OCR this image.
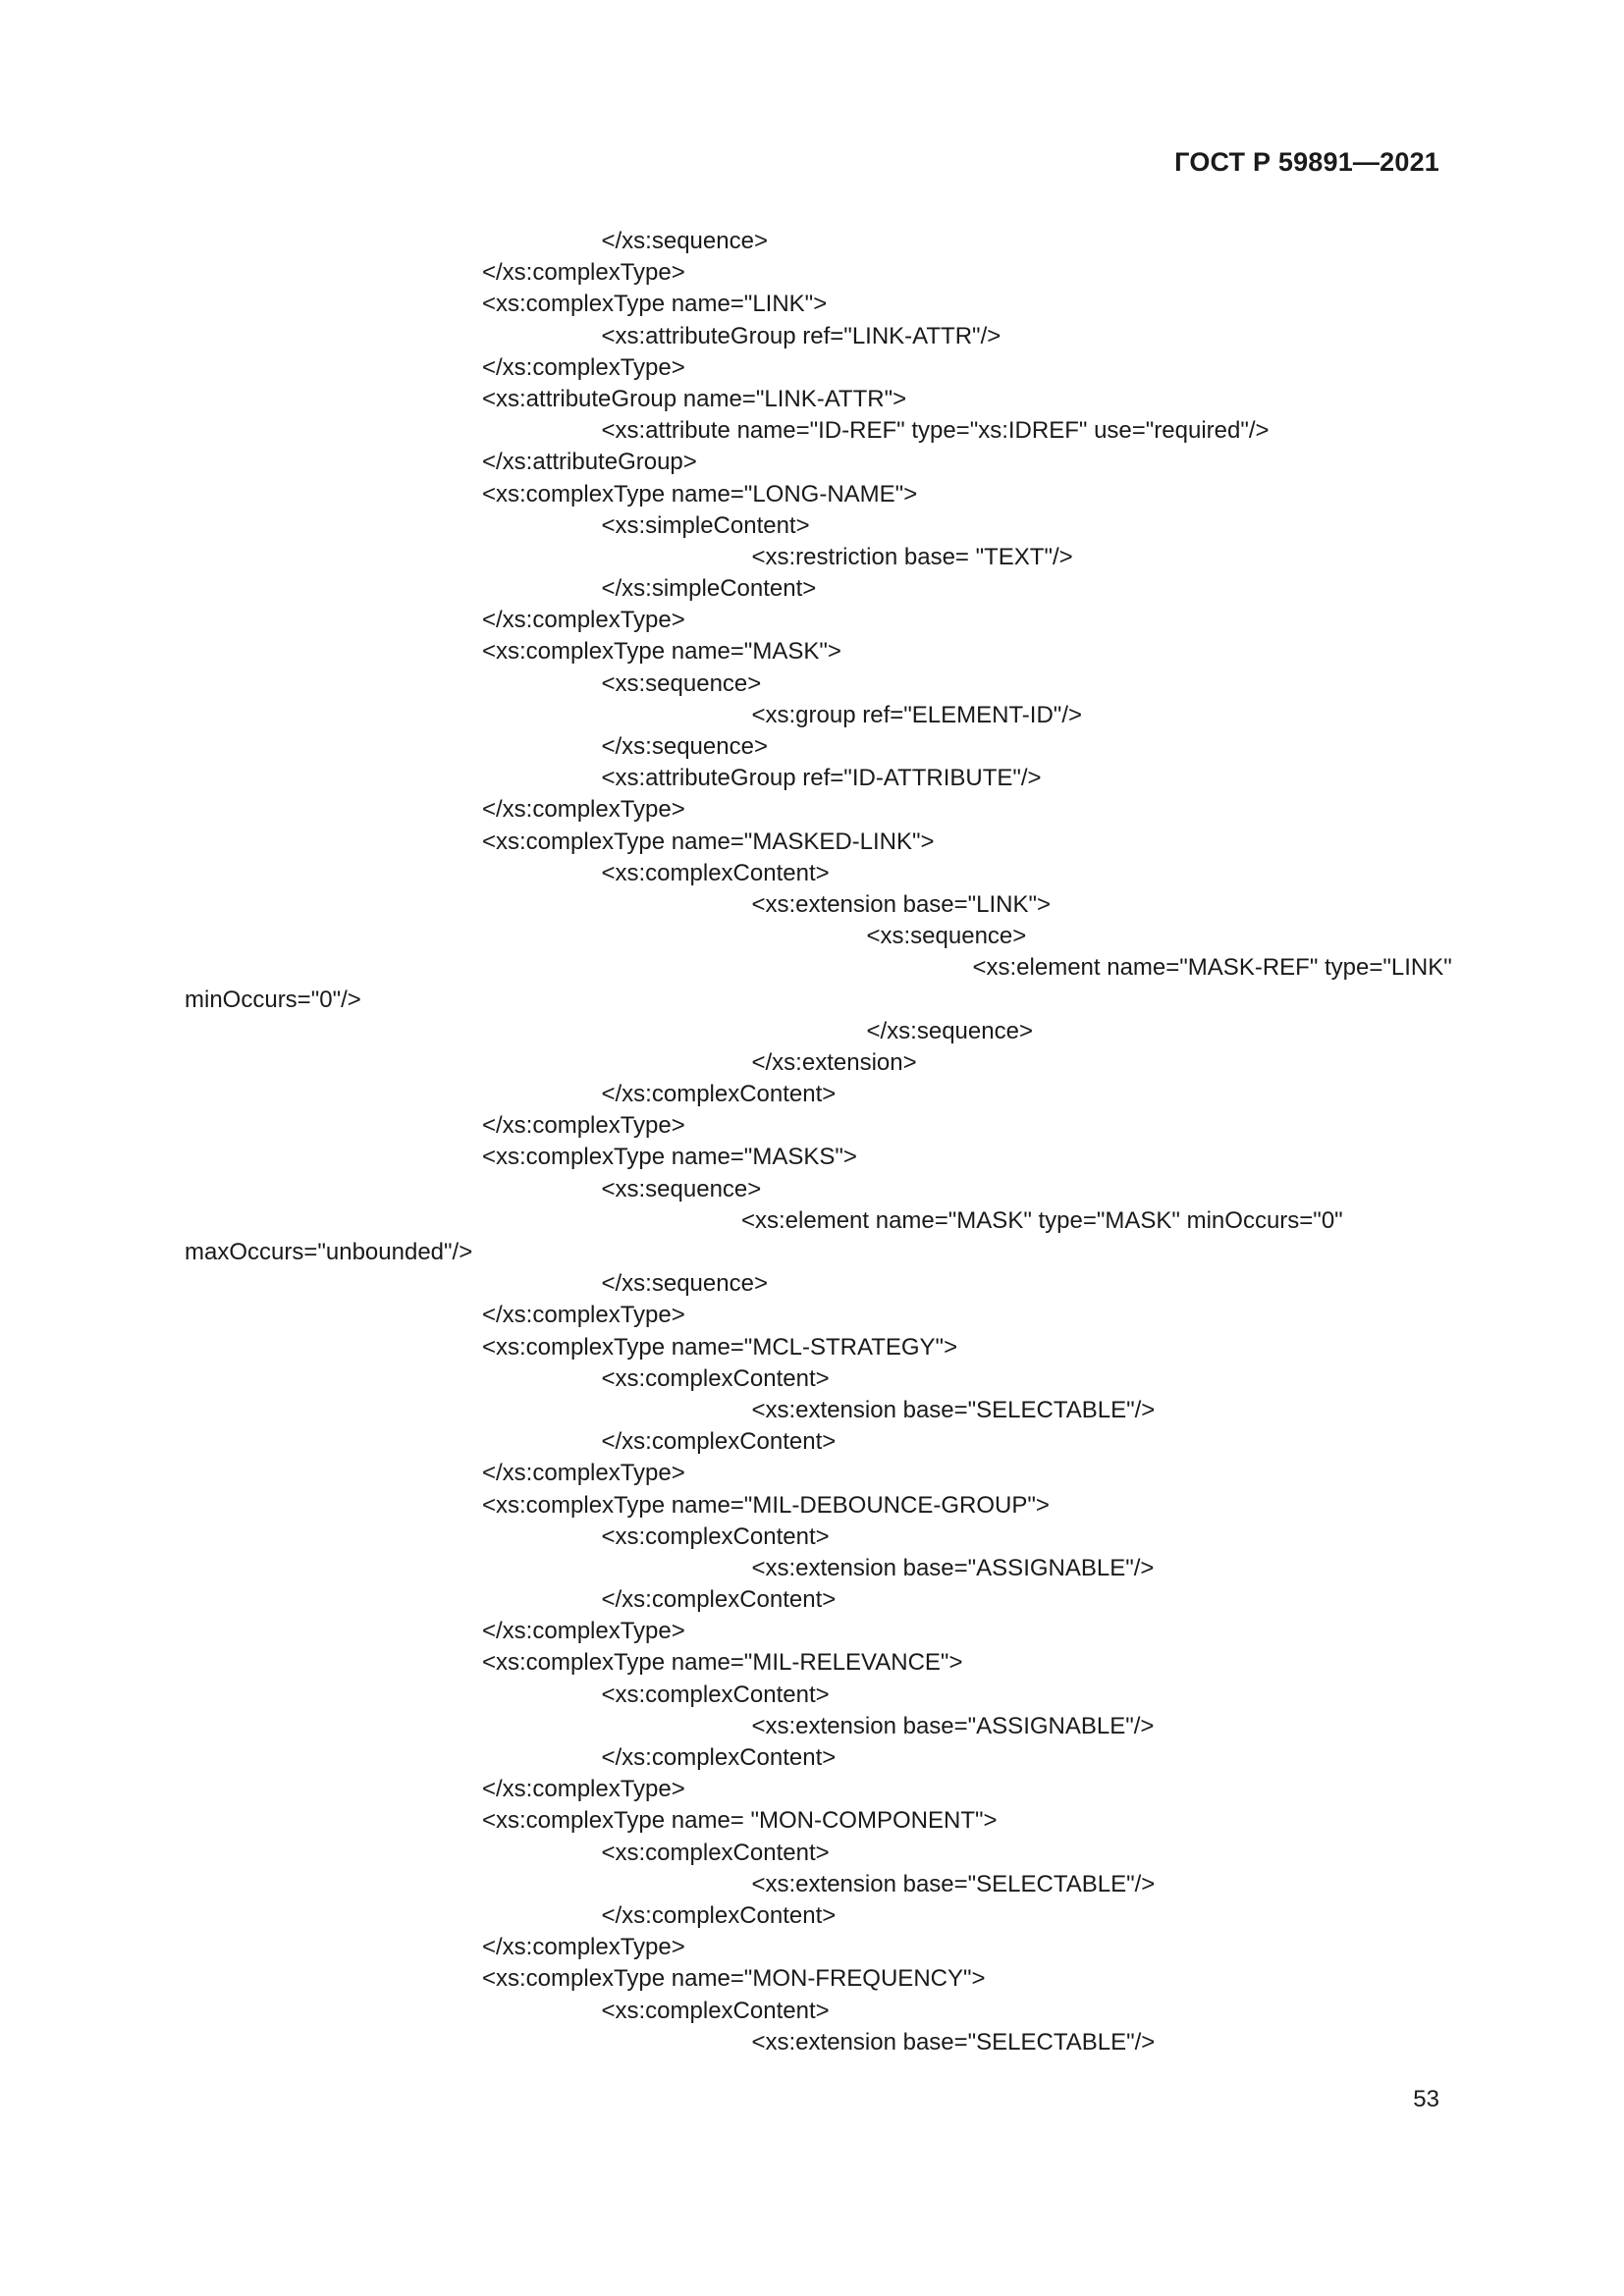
ГОСТ Р 59891—2021
</xs:sequence>
</xs:complexType>
<xs:complexType name="LINK">
<xs:attributeGroup ref="LINK-ATTR"/>
</xs:complexType>
<xs:attributeGroup name="LINK-ATTR">
<xs:attribute name="ID-REF" type="xs:IDREF" use="required"/>
</xs:attributeGroup>
<xs:complexType name="LONG-NAME">
<xs:simpleContent>
<xs:restriction base= "TEXT"/>
</xs:simpleContent>
</xs:complexType>
<xs:complexType name="MASK">
<xs:sequence>
<xs:group ref="ELEMENT-ID"/>
</xs:sequence>
<xs:attributeGroup ref="ID-ATTRIBUTE"/>
</xs:complexType>
<xs:complexType name="MASKED-LINK">
<xs:complexContent>
<xs:extension base="LINK">
<xs:sequence>
<xs:element name="MASK-REF" type="LINK"
minOccurs="0"/>
</xs:sequence>
</xs:extension>
</xs:complexContent>
</xs:complexType>
<xs:complexType name="MASKS">
<xs:sequence>
<xs:element name="MASK" type="MASK" minOccurs="0"
maxOccurs="unbounded"/>
</xs:sequence>
</xs:complexType>
<xs:complexType name="MCL-STRATEGY">
<xs:complexContent>
<xs:extension base="SELECTABLE"/>
</xs:complexContent>
</xs:complexType>
<xs:complexType name="MIL-DEBOUNCE-GROUP">
<xs:complexContent>
<xs:extension base="ASSIGNABLE"/>
</xs:complexContent>
</xs:complexType>
<xs:complexType name="MIL-RELEVANCE">
<xs:complexContent>
<xs:extension base="ASSIGNABLE"/>
</xs:complexContent>
</xs:complexType>
<xs:complexType name= "MON-COMPONENT">
<xs:complexContent>
<xs:extension base="SELECTABLE"/>
</xs:complexContent>
</xs:complexType>
<xs:complexType name="MON-FREQUENCY">
<xs:complexContent>
<xs:extension base="SELECTABLE"/>
53
